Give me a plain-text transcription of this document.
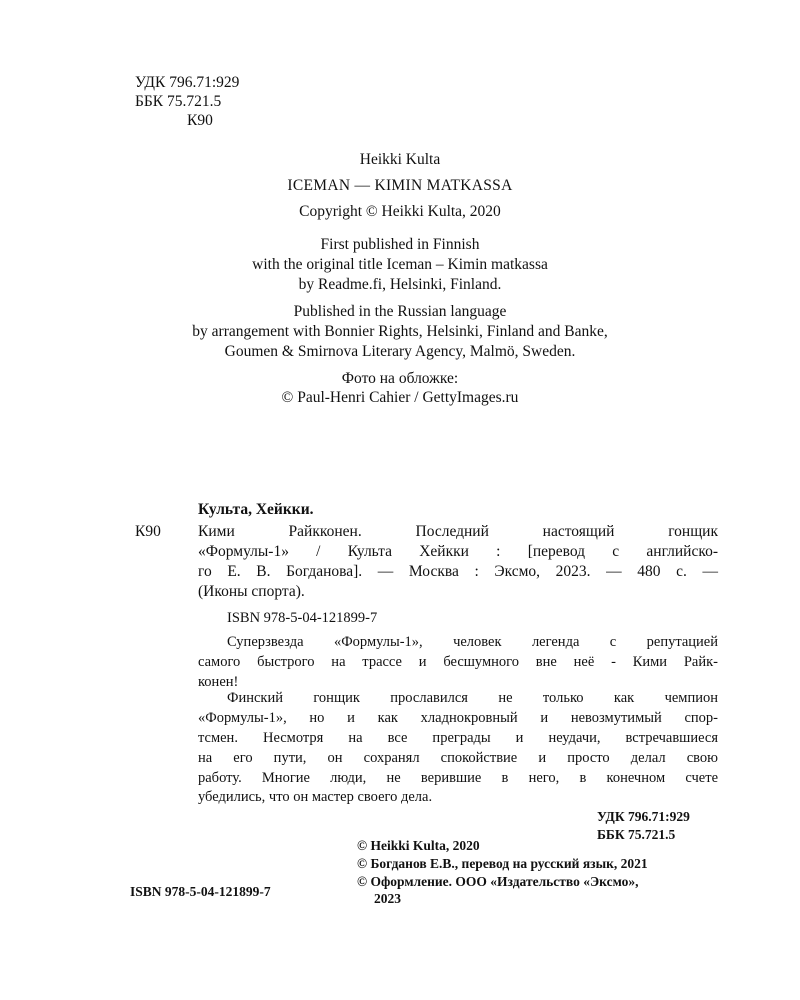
УДК 796.71:929
ББК 75.721.5
К90
Heikki Kulta
ICEMAN — KIMIN MATKASSA
Copyright © Heikki Kulta, 2020
First published in Finnish
with the original title Iceman – Kimin matkassa
by Readme.fi, Helsinki, Finland.
Published in the Russian language
by arrangement with Bonnier Rights, Helsinki, Finland and Banke,
Goumen & Smirnova Literary Agency, Malmö, Sweden.
Фото на обложке:
© Paul-Henri Cahier / GettyImages.ru
Культа, Хейкки.
К90 Кими Райкконен. Последний настоящий гонщик
«Формулы-1» / Культа Хейкки : [перевод с английско-
го Е. В. Богданова]. — Москва : Эксмо, 2023. — 480 с. —
(Иконы спорта).
ISBN 978-5-04-121899-7
Суперзвезда «Формулы-1», человек легенда с репутацией
самого быстрого на трассе и бесшумного вне неё - Кими Райк-
конен!
Финский гонщик прославился не только как чемпион
«Формулы-1», но и как хладнокровный и невозмутимый спор-
тсмен. Несмотря на все преграды и неудачи, встречавшиеся
на его пути, он сохранял спокойствие и просто делал свою
работу. Многие люди, не верившие в него, в конечном счете
убедились, что он мастер своего дела.
УДК 796.71:929
ББК 75.721.5
ISBN 978-5-04-121899-7
© Heikki Kulta, 2020
© Богданов Е.В., перевод на русский язык, 2021
© Оформление. ООО «Издательство «Эксмо»,
2023
